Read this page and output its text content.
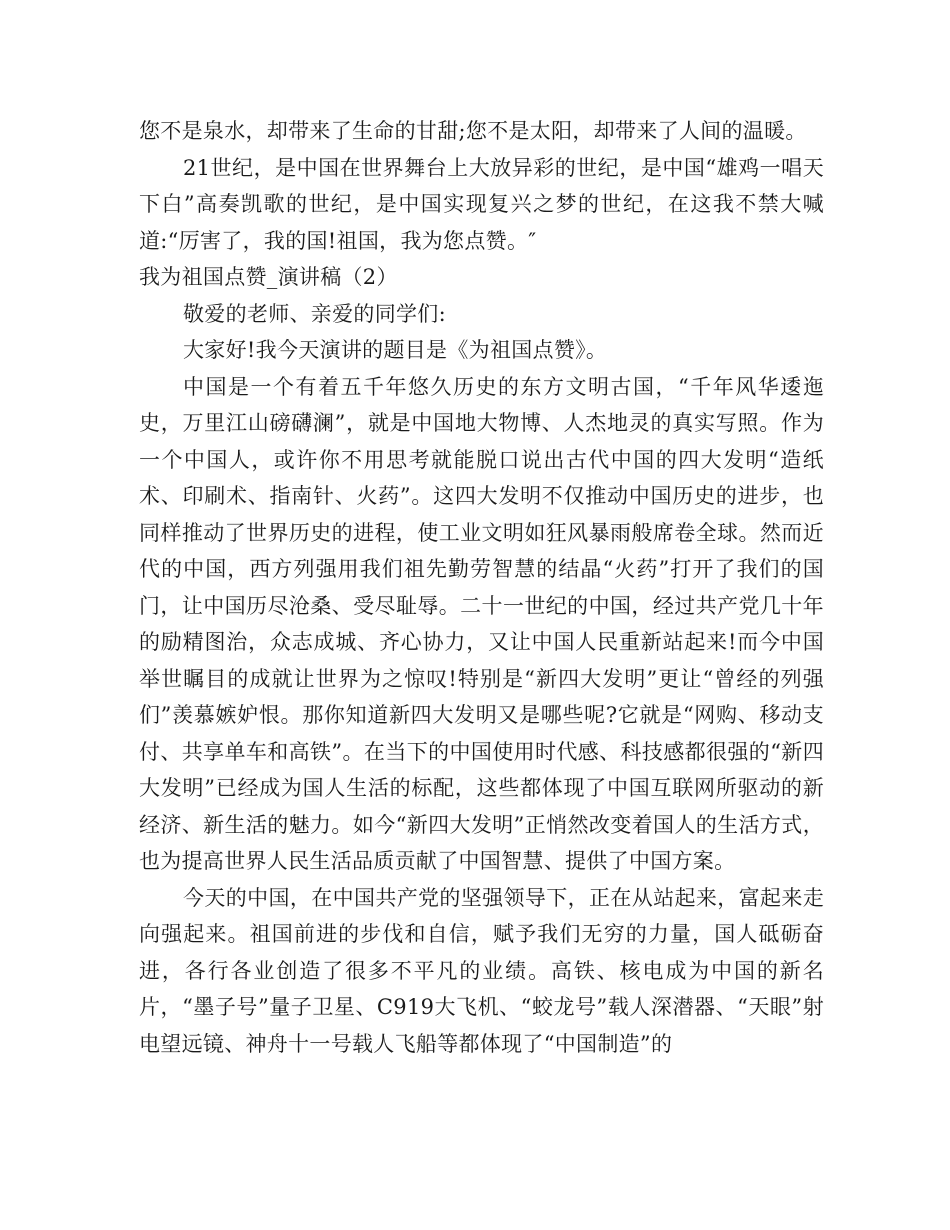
您不是泉水，却带来了生命的甘甜;您不是太阳，却带来了人间的温暖。

21世纪，是中国在世界舞台上大放异彩的世纪，是中国“雄鸡一唱天下白”高奏凯歌的世纪，是中国实现复兴之梦的世纪，在这我不禁大喊道:“厉害了，我的国!祖国，我为您点赞。″

我为祖国点赞_演讲稿（2）

敬爱的老师、亲爱的同学们:

大家好!我今天演讲的题目是《为祖国点赞》。

中国是一个有着五千年悠久历史的东方文明古国，“千年风华逶迤史，万里江山磅礴澜”，就是中国地大物博、人杰地灵的真实写照。作为一个中国人，或许你不用思考就能脱口说出古代中国的四大发明“造纸术、印刷术、指南针、火药”。这四大发明不仅推动中国历史的进步，也同样推动了世界历史的进程，使工业文明如狂风暴雨般席卷全球。然而近代的中国，西方列强用我们祖先勤劳智慧的结晶“火药”打开了我们的国门，让中国历尽沧桑、受尽耻辱。二十一世纪的中国，经过共产党几十年的励精图治，众志成城、齐心协力，又让中国人民重新站起来!而今中国举世瞩目的成就让世界为之惊叹!特别是“新四大发明”更让“曾经的列强们”羡慕嫉妒恨。那你知道新四大发明又是哪些呢?它就是“网购、移动支付、共享单车和高铁”。在当下的中国使用时代感、科技感都很强的“新四大发明”已经成为国人生活的标配，这些都体现了中国互联网所驱动的新经济、新生活的魅力。如今“新四大发明”正悄然改变着国人的生活方式，也为提高世界人民生活品质贡献了中国智慧、提供了中国方案。

今天的中国，在中国共产党的坚强领导下，正在从站起来，富起来走向强起来。祖国前进的步伐和自信，赋予我们无穷的力量，国人砥砺奋进，各行各业创造了很多不平凡的业绩。高铁、核电成为中国的新名片，“墨子号”量子卫星、C919大飞机、“蛟龙号”载人深潜器、“天眼”射电望远镜、神舟十一号载人飞船等都体现了“中国制造”的
